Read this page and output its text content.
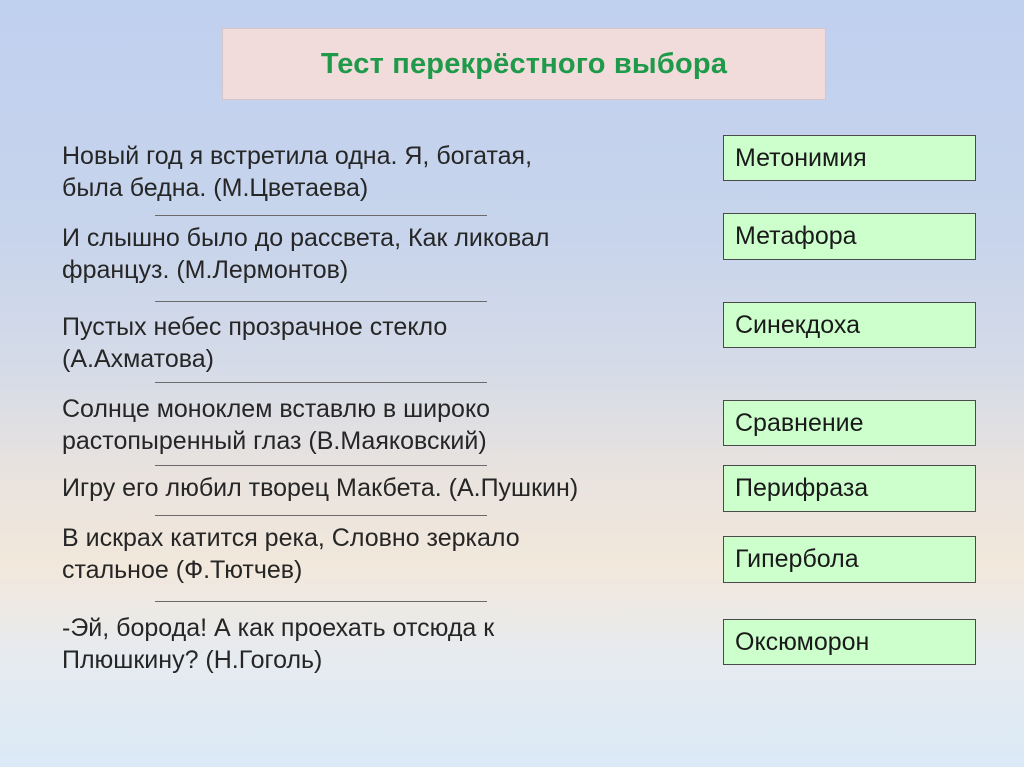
Тест перекрёстного выбора
Новый год я встретила одна. Я, богатая,
была бедна. (М.Цветаева)
И слышно было до рассвета, Как ликовал
француз. (М.Лермонтов)
Пустых небес прозрачное стекло
(А.Ахматова)
Солнце моноклем вставлю в широко
растопыренный глаз (В.Маяковский)
Игру его любил творец Макбета. (А.Пушкин)
В искрах катится река, Словно зеркало
стальное (Ф.Тютчев)
-Эй, борода! А как проехать отсюда к
Плюшкину? (Н.Гоголь)
Метонимия
Метафора
Синекдоха
Сравнение
Перифраза
Гипербола
Оксюморон
